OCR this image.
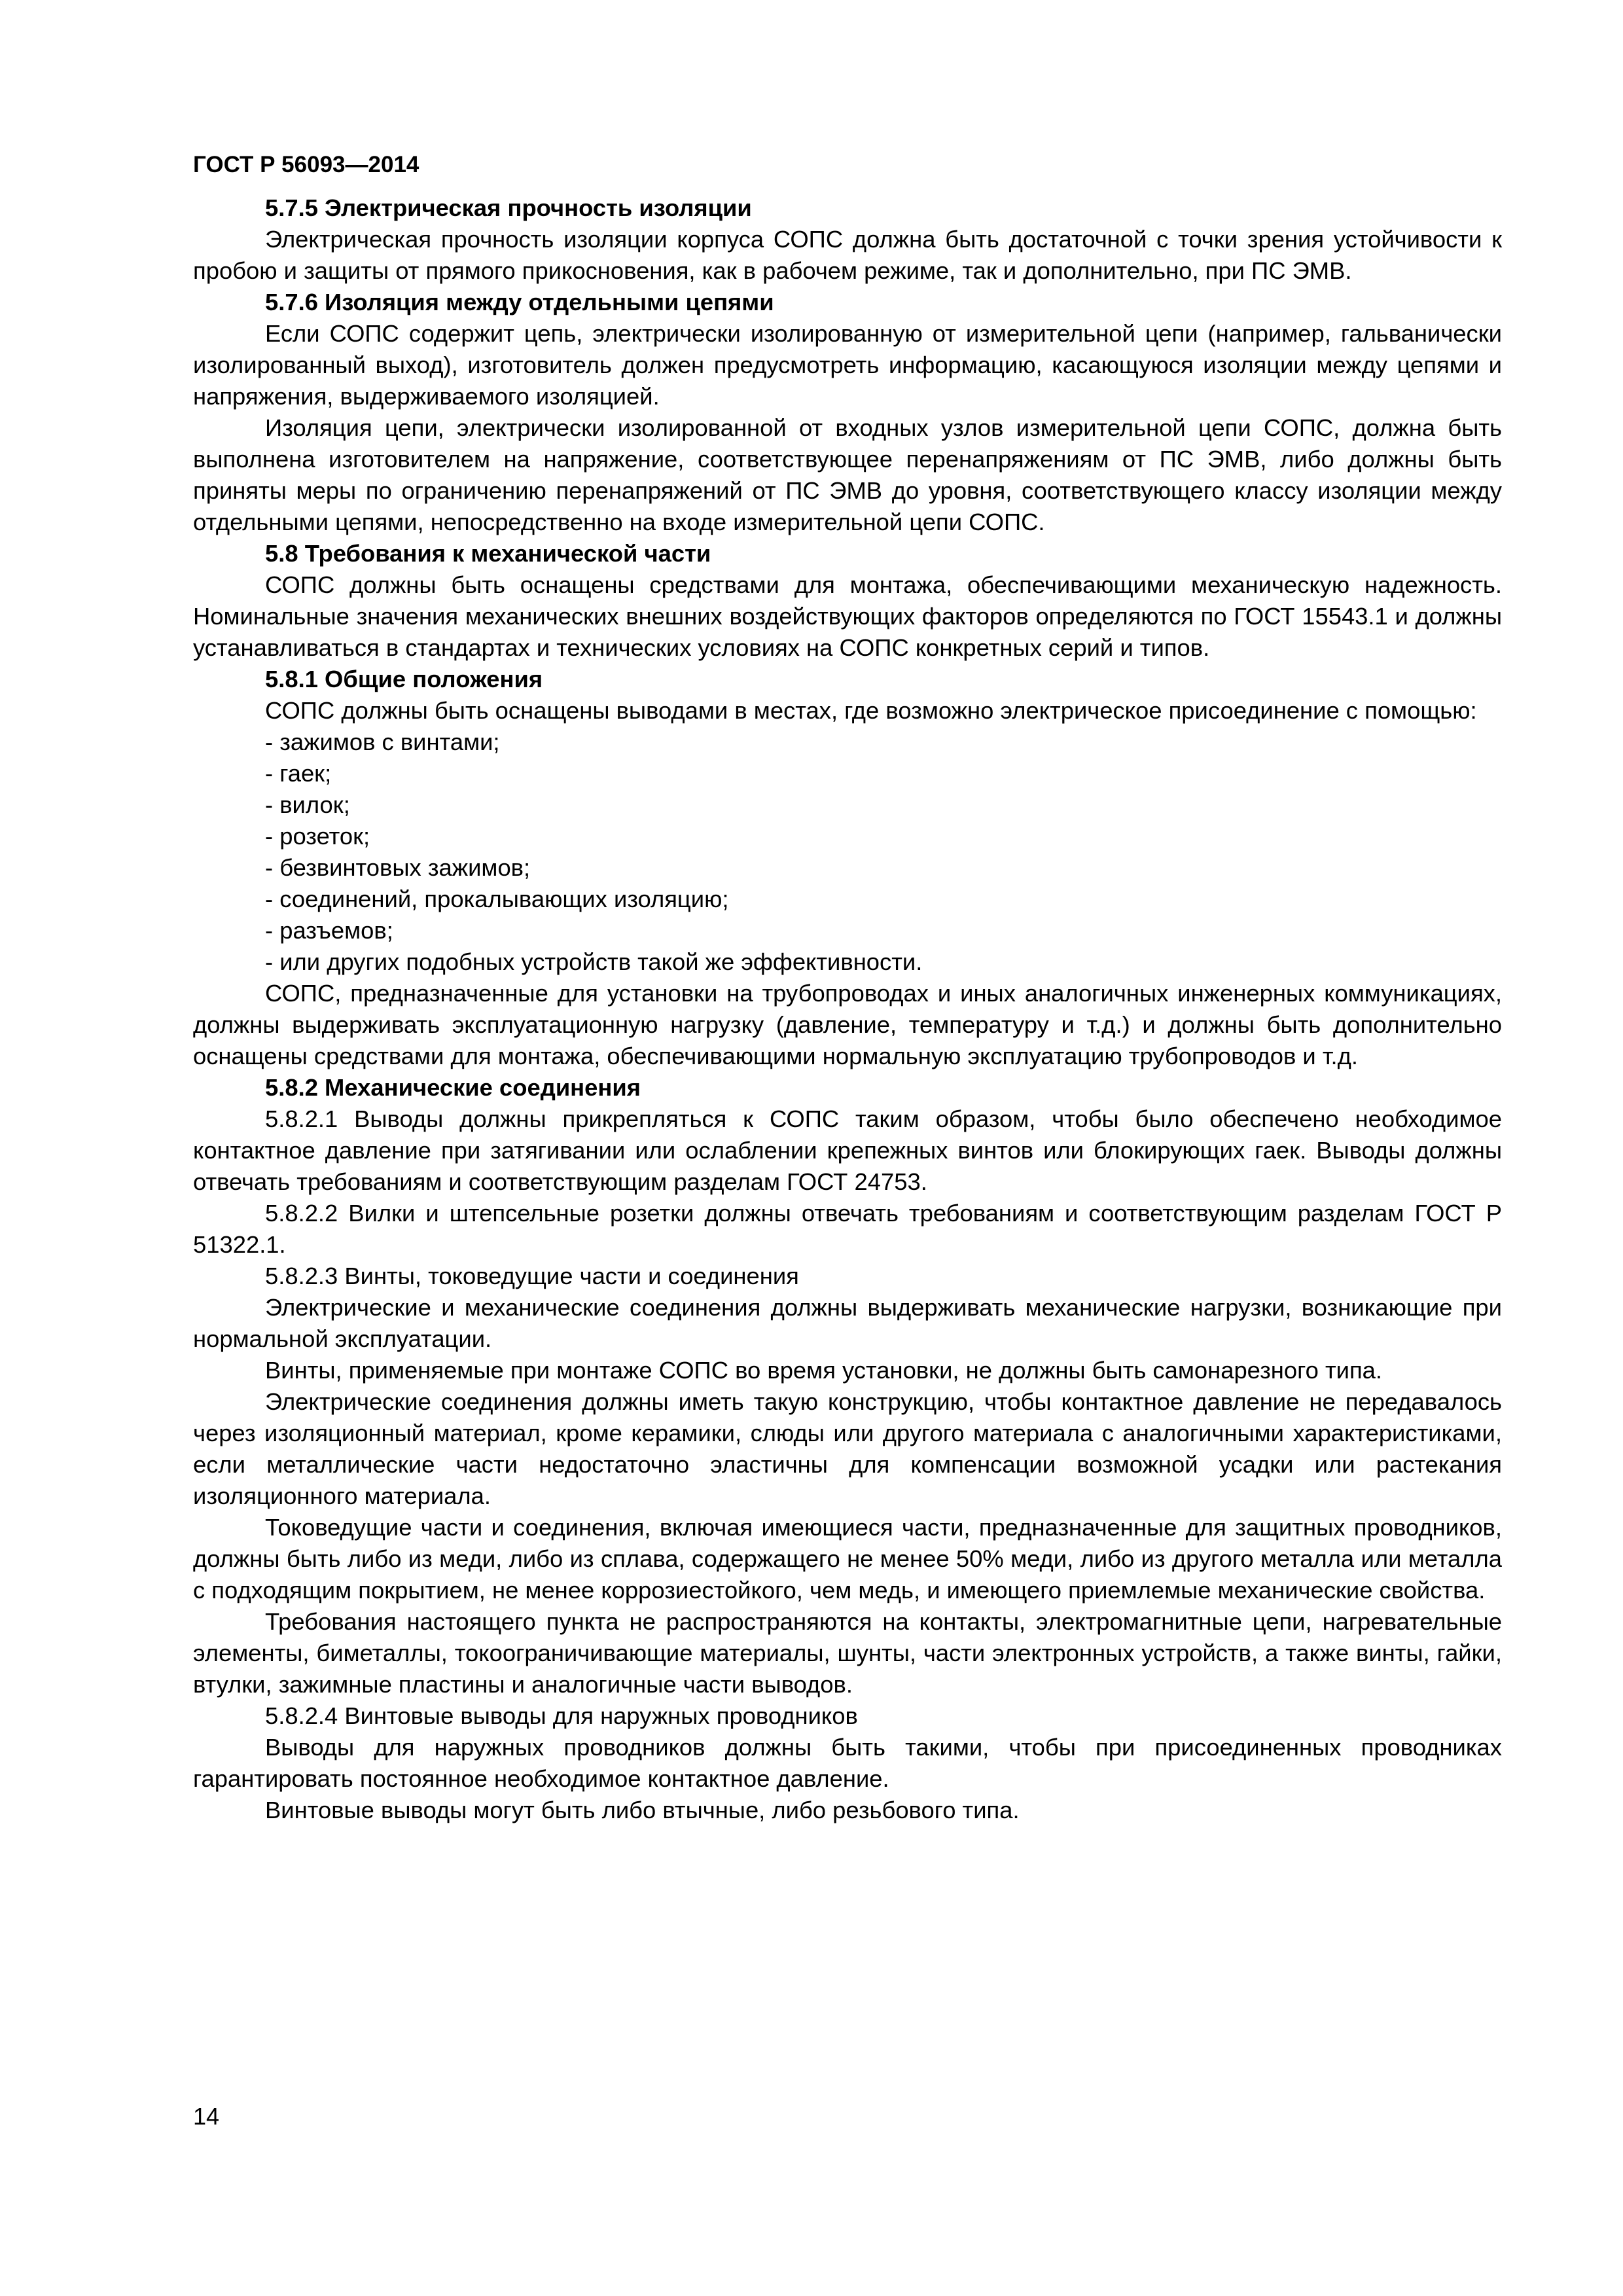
ГОСТ Р 56093—2014

5.7.5 Электрическая прочность изоляции

Электрическая прочность изоляции корпуса СОПС должна быть достаточной с точки зрения устойчивости к пробою и защиты от прямого прикосновения, как в рабочем режиме, так и дополнительно, при ПС ЭМВ.

5.7.6 Изоляция между отдельными цепями

Если СОПС содержит цепь, электрически изолированную от измерительной цепи (например, гальванически изолированный выход), изготовитель должен предусмотреть информацию, касающуюся изоляции между цепями и напряжения, выдерживаемого изоляцией.

Изоляция цепи, электрически изолированной от входных узлов измерительной цепи СОПС, должна быть выполнена изготовителем на напряжение, соответствующее перенапряжениям от ПС ЭМВ, либо должны быть приняты меры по ограничению перенапряжений от ПС ЭМВ до уровня, соответствующего классу изоляции между отдельными цепями, непосредственно на входе измерительной цепи СОПС.

5.8 Требования к механической части

СОПС должны быть оснащены средствами для монтажа, обеспечивающими механическую надежность. Номинальные значения механических внешних воздействующих факторов определяются по ГОСТ 15543.1 и должны устанавливаться в стандартах и технических условиях на СОПС конкретных серий и типов.

5.8.1 Общие положения

СОПС должны быть оснащены выводами в местах, где возможно электрическое присоединение с помощью:

- зажимов с винтами;

- гаек;

- вилок;

- розеток;

- безвинтовых зажимов;

- соединений, прокалывающих изоляцию;

- разъемов;

- или других подобных устройств такой же эффективности.

СОПС, предназначенные для установки на трубопроводах и иных аналогичных инженерных коммуникациях, должны выдерживать эксплуатационную нагрузку (давление, температуру и т.д.) и должны быть дополнительно оснащены средствами для монтажа, обеспечивающими нормальную эксплуатацию трубопроводов и т.д.

5.8.2 Механические соединения

5.8.2.1 Выводы должны прикрепляться к СОПС таким образом, чтобы было обеспечено необходимое контактное давление при затягивании или ослаблении крепежных винтов или блокирующих гаек. Выводы должны отвечать требованиям и соответствующим разделам ГОСТ 24753.

5.8.2.2 Вилки и штепсельные розетки должны отвечать требованиям и соответствующим разделам ГОСТ Р 51322.1.

5.8.2.3 Винты, токоведущие части и соединения

Электрические и механические соединения должны выдерживать механические нагрузки, возникающие при нормальной эксплуатации.

Винты, применяемые при монтаже СОПС во время установки, не должны быть самонарезного типа.

Электрические соединения должны иметь такую конструкцию, чтобы контактное давление не передавалось через изоляционный материал, кроме керамики, слюды или другого материала с аналогичными характеристиками, если металлические части недостаточно эластичны для компенсации возможной усадки или растекания изоляционного материала.

Токоведущие части и соединения, включая имеющиеся части, предназначенные для защитных проводников, должны быть либо из меди, либо из сплава, содержащего не менее 50% меди, либо из другого металла или металла с подходящим покрытием, не менее коррозиестойкого, чем медь, и имеющего приемлемые механические свойства.

Требования настоящего пункта не распространяются на контакты, электромагнитные цепи, нагревательные элементы, биметаллы, токоограничивающие материалы, шунты, части электронных устройств, а также винты, гайки, втулки, зажимные пластины и аналогичные части выводов.

5.8.2.4 Винтовые выводы для наружных проводников

Выводы для наружных проводников должны быть такими, чтобы при присоединенных проводниках гарантировать постоянное необходимое контактное давление.

Винтовые выводы могут быть либо втычные, либо резьбового типа.

14
